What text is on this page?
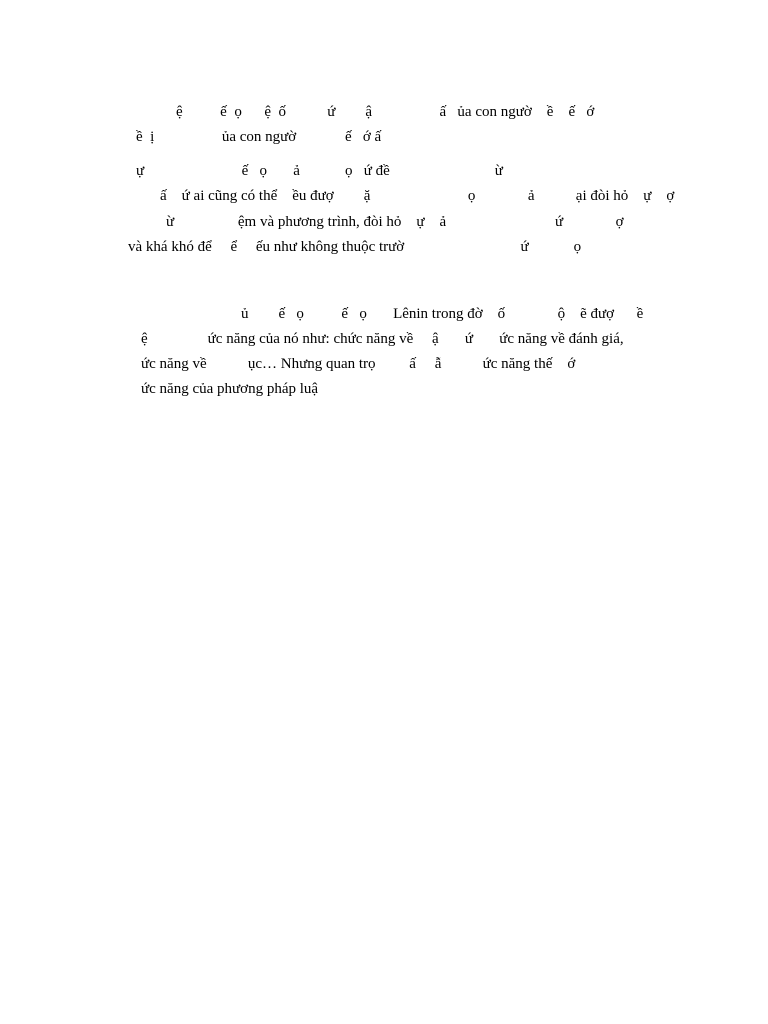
ệ          ế  ọ      ệ  ố           ứ        ậ                  ấ   ủa con ngườ    ề    ế   ớ
ề  ị                  ủa con ngườ             ế   ớ ấ
ự                          ế   ọ       ả            ọ   ứ đề                            ừ
ấ    ứ ai cũng có thể    ều đượ        ặ                          ọ              ả           ại đòi hỏ    ự    ợ
ừ                 ệm và phương trình, đòi hỏ    ự    ả                             ứ              ợ
và khá khó để     ể     ếu như không thuộc trườ                               ứ            ọ
ủ        ế   ọ          ế   ọ       Lênin trong đờ    ố              ộ    ẽ đượ      ề
ệ                ức năng của nó như: chức năng về     ậ       ứ       ức năng về đánh giá,
ức năng về           ục… Nhưng quan trọ         ấ     ẫ           ức năng thế    ớ
ức năng của phương pháp luậ
